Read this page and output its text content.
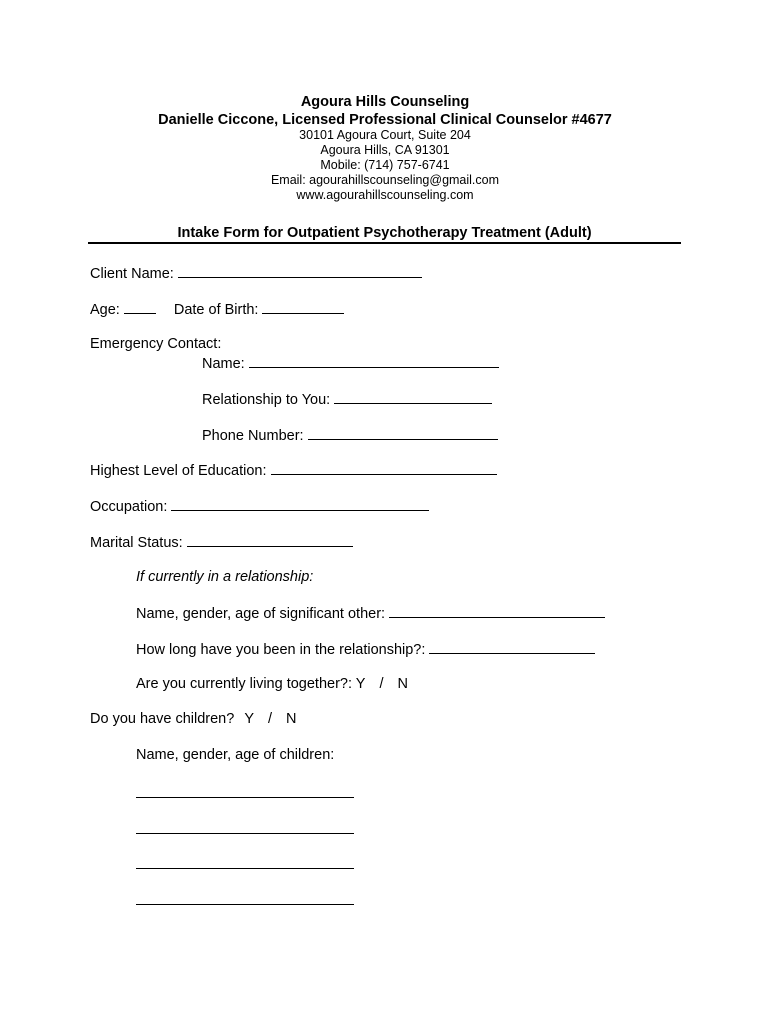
Agoura Hills Counseling
Danielle Ciccone, Licensed Professional Clinical Counselor #4677
30101 Agoura Court, Suite 204
Agoura Hills, CA 91301
Mobile: (714) 757-6741
Email: agourahillscounseling@gmail.com
www.agourahillscounseling.com
Intake Form for Outpatient Psychotherapy Treatment (Adult)
Client Name:
Age:	Date of Birth:
Emergency Contact:
Name:
Relationship to You:
Phone Number:
Highest Level of Education:
Occupation:
Marital Status:
If currently in a relationship:
Name, gender, age of significant other:
How long have you been in the relationship?:
Are you currently living together?: Y / N
Do you have children? Y / N
Name, gender, age of children:
